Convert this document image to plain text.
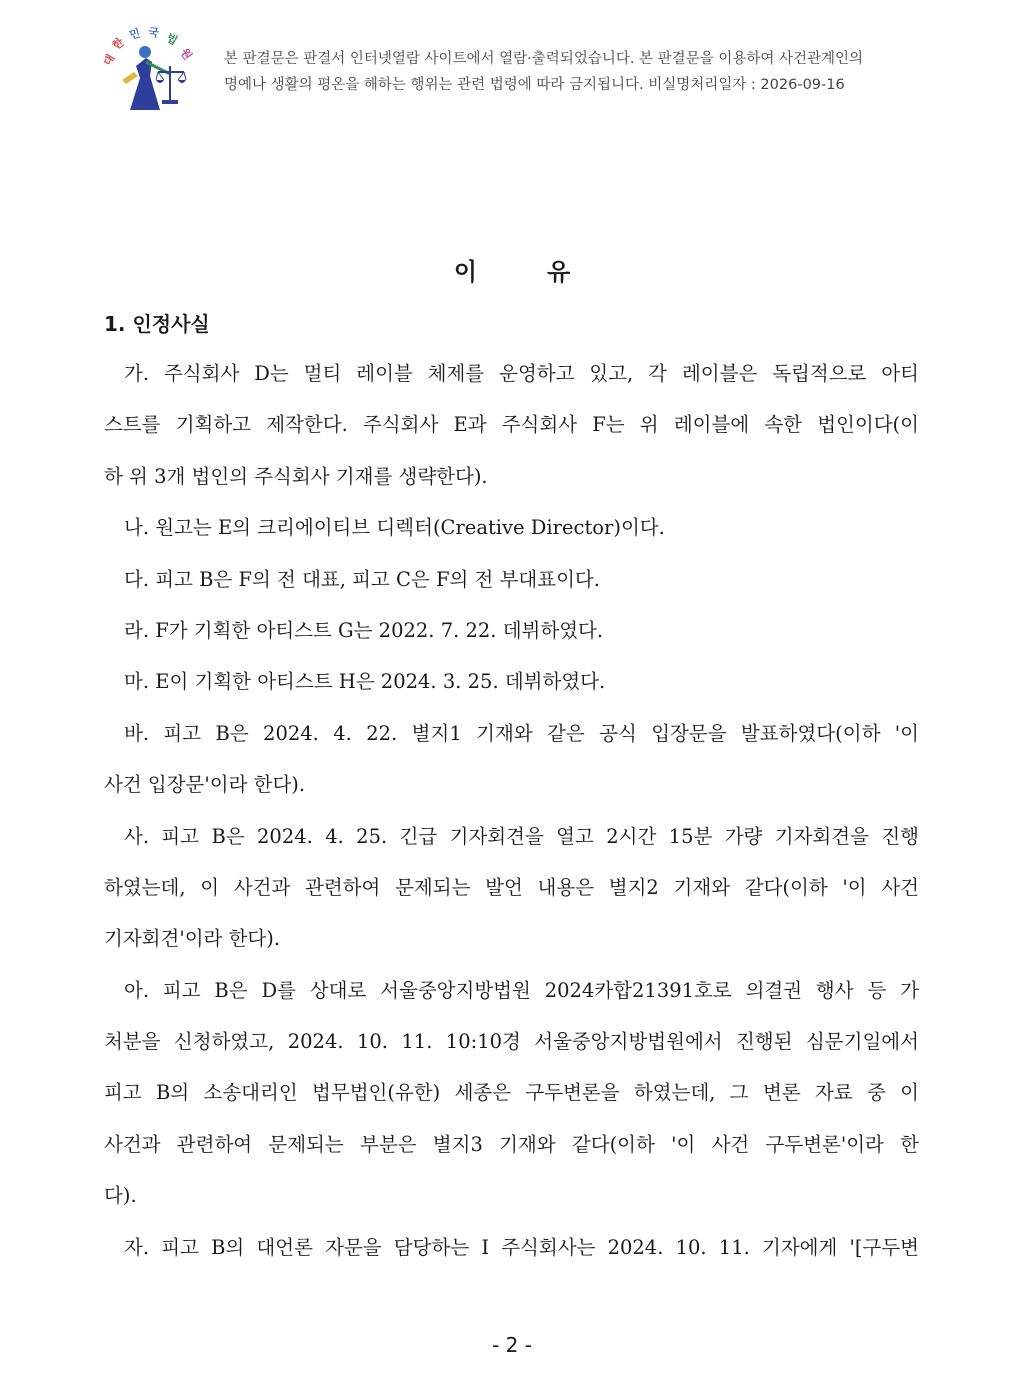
대
한
민 국 법
원 본 판결문은 판결서 인터넷열람 사이트에서 열람·출력되었습니다. 본 판결문을 이용하여 사건관계인의
명예나 생활의 평온을 해하는 행위는 관련 법령에 따라 금지됩니다. 비실명처리일자 : 2026-09-16
이	유
1. 인정사실
가. 주식회사 D는 멀티 레이블 체제를 운영하고 있고, 각 레이블은 독립적으로 아티
스트를 기획하고 제작한다. 주식회사 E과 주식회사 F는 위 레이블에 속한 법인이다(이
하 위 3개 법인의 주식회사 기재를 생략한다).
나. 원고는 E의 크리에이티브 디렉터(Creative Director)이다.
다. 피고 B은 F의 전 대표, 피고 C은 F의 전 부대표이다.
라. F가 기획한 아티스트 G는 2022. 7. 22. 데뷔하였다.
마. E이 기획한 아티스트 H은 2024. 3. 25. 데뷔하였다.
바. 피고 B은 2024. 4. 22. 별지1 기재와 같은 공식 입장문을 발표하였다(이하 '이
사건 입장문'이라 한다).
사. 피고 B은 2024. 4. 25. 긴급 기자회견을 열고 2시간 15분 가량 기자회견을 진행
하였는데, 이 사건과 관련하여 문제되는 발언 내용은 별지2 기재와 같다(이하 '이 사건
기자회견'이라 한다).
아. 피고 B은 D를 상대로 서울중앙지방법원 2024카합21391호로 의결권 행사 등 가
처분을 신청하였고, 2024. 10. 11. 10:10경 서울중앙지방법원에서 진행된 심문기일에서
피고 B의 소송대리인 법무법인(유한) 세종은 구두변론을 하였는데, 그 변론 자료 중 이
사건과 관련하여 문제되는 부분은 별지3 기재와 같다(이하 '이 사건 구두변론'이라 한
다).
자. 피고 B의 대언론 자문을 담당하는 I 주식회사는 2024. 10. 11. 기자에게 '[구두변
- 2 -
